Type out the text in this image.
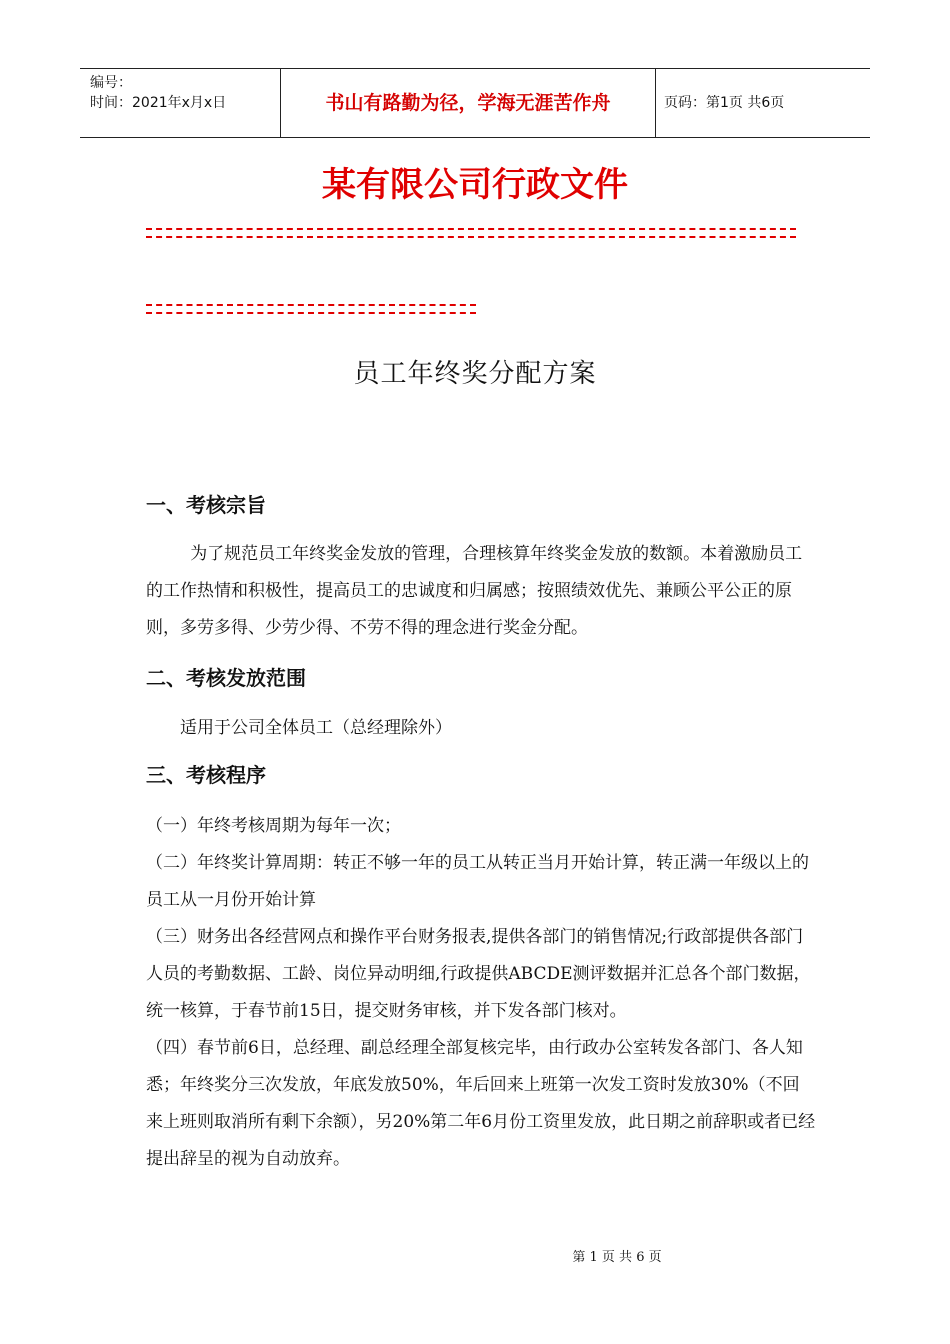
编号：
时间：2021年x月x日	书山有路勤为径，学海无涯苦作舟	页码：第1页 共6页
某有限公司行政文件
员工年终奖分配方案
一、考核宗旨

为了规范员工年终奖金发放的管理，合理核算年终奖金发放的数额。本着激励员工的工作热情和积极性，提高员工的忠诚度和归属感；按照绩效优先、兼顾公平公正的原则，多劳多得、少劳少得、不劳不得的理念进行奖金分配。

二、考核发放范围

适用于公司全体员工（总经理除外）

三、考核程序

（一）年终考核周期为每年一次；

（二）年终奖计算周期：转正不够一年的员工从转正当月开始计算，转正满一年级以上的员工从一月份开始计算

（三）财务出各经营网点和操作平台财务报表,提供各部门的销售情况;行政部提供各部门人员的考勤数据、工龄、岗位异动明细,行政提供ABCDE测评数据并汇总各个部门数据，统一核算，于春节前15日，提交财务审核，并下发各部门核对。

（四）春节前6日，总经理、副总经理全部复核完毕，由行政办公室转发各部门、各人知悉；年终奖分三次发放，年底发放50%，年后回来上班第一次发工资时发放30%（不回来上班则取消所有剩下余额），另20%第二年6月份工资里发放，此日期之前辞职或者已经提出辞呈的视为自动放弃。

第 1 页 共 6 页
